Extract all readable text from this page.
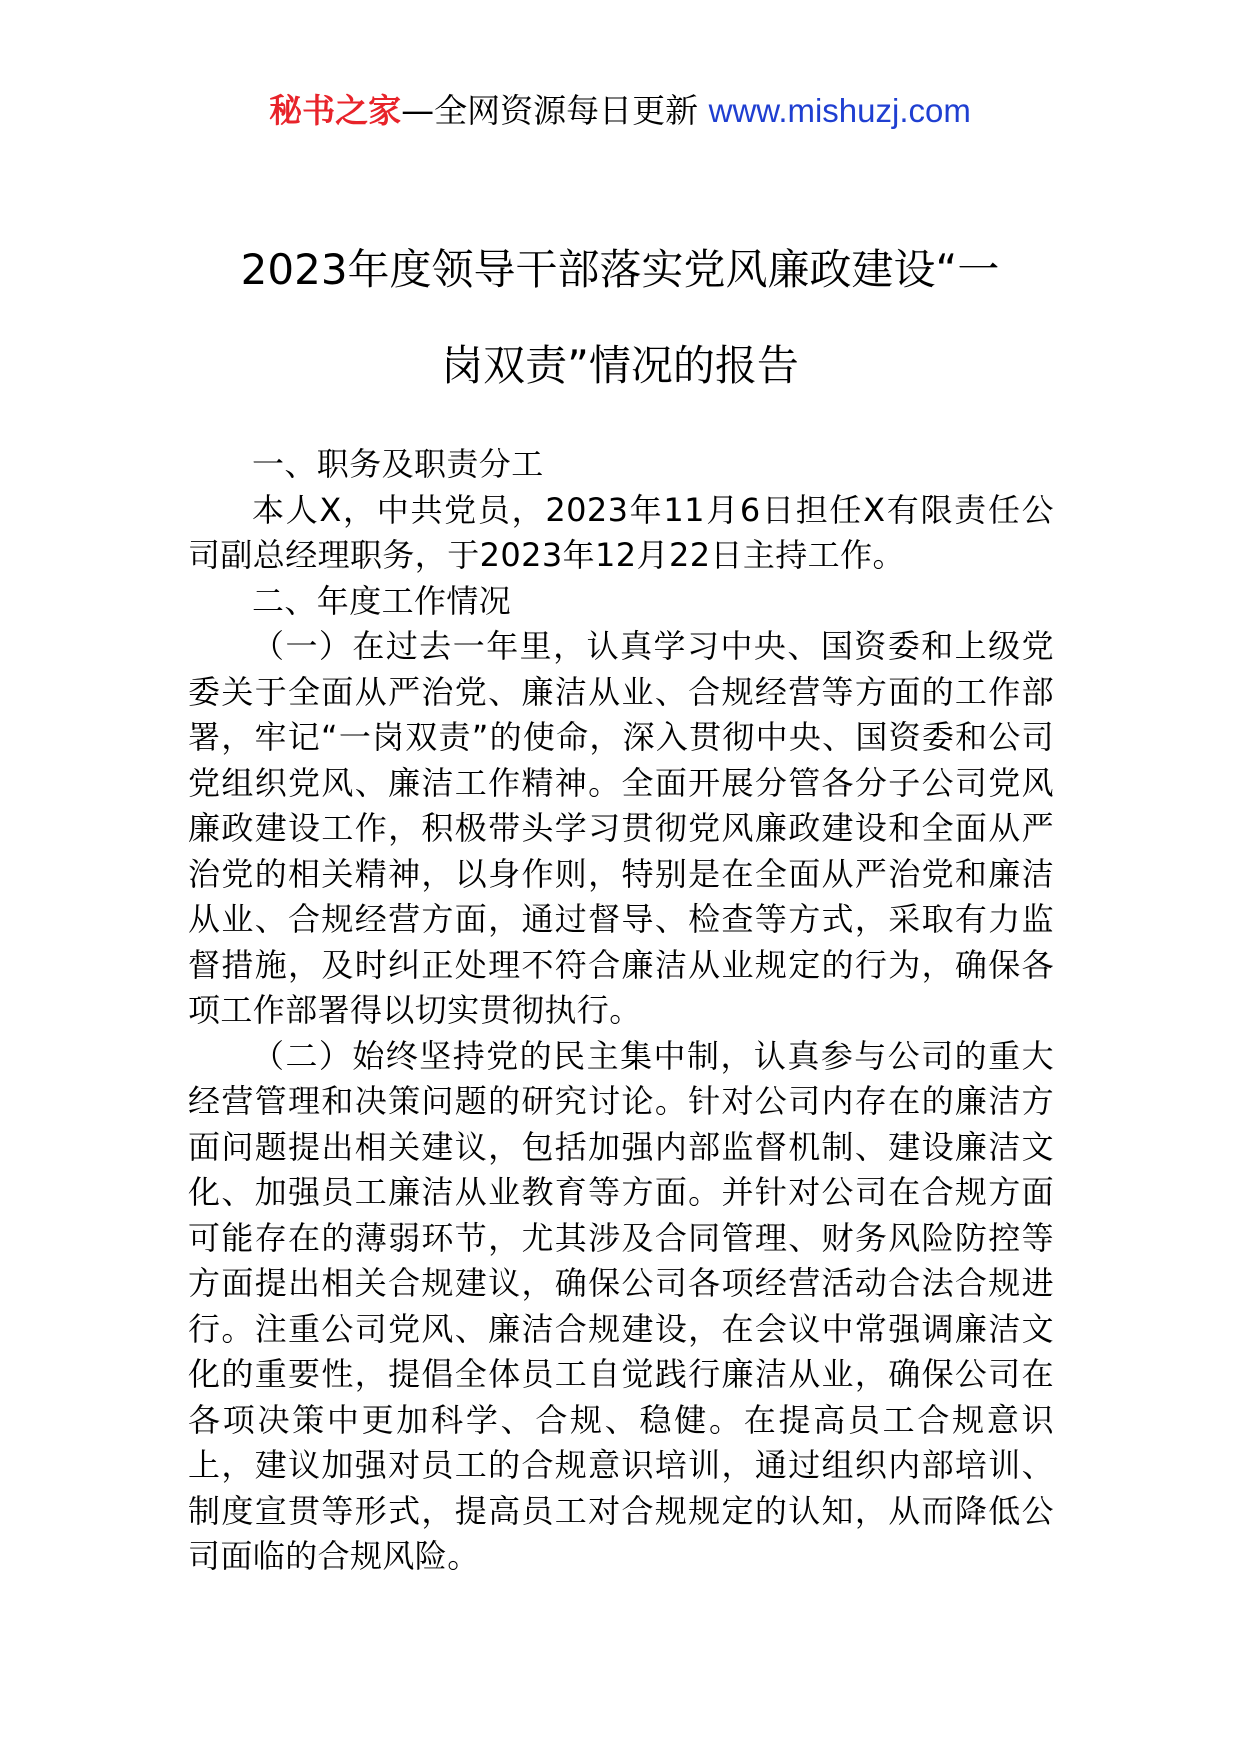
秘书之家—全网资源每日更新 www.mishuzj.com
2023年度领导干部落实党风廉政建设“一
岗双责”情况的报告

一、职务及职责分工

本人X，中共党员，2023年11月6日担任X有限责任公司副总经理职务，于2023年12月22日主持工作。

二、年度工作情况

（一）在过去一年里，认真学习中央、国资委和上级党委关于全面从严治党、廉洁从业、合规经营等方面的工作部署，牢记“一岗双责”的使命，深入贯彻中央、国资委和公司党组织党风、廉洁工作精神。全面开展分管各分子公司党风廉政建设工作，积极带头学习贯彻党风廉政建设和全面从严治党的相关精神，以身作则，特别是在全面从严治党和廉洁从业、合规经营方面，通过督导、检查等方式，采取有力监督措施，及时纠正处理不符合廉洁从业规定的行为，确保各项工作部署得以切实贯彻执行。

（二）始终坚持党的民主集中制，认真参与公司的重大经营管理和决策问题的研究讨论。针对公司内存在的廉洁方面问题提出相关建议，包括加强内部监督机制、建设廉洁文化、加强员工廉洁从业教育等方面。并针对公司在合规方面可能存在的薄弱环节，尤其涉及合同管理、财务风险防控等方面提出相关合规建议，确保公司各项经营活动合法合规进行。注重公司党风、廉洁合规建设，在会议中常强调廉洁文化的重要性，提倡全体员工自觉践行廉洁从业，确保公司在各项决策中更加科学、合规、稳健。在提高员工合规意识上，建议加强对员工的合规意识培训，通过组织内部培训、制度宣贯等形式，提高员工对合规规定的认知，从而降低公司面临的合规风险。
